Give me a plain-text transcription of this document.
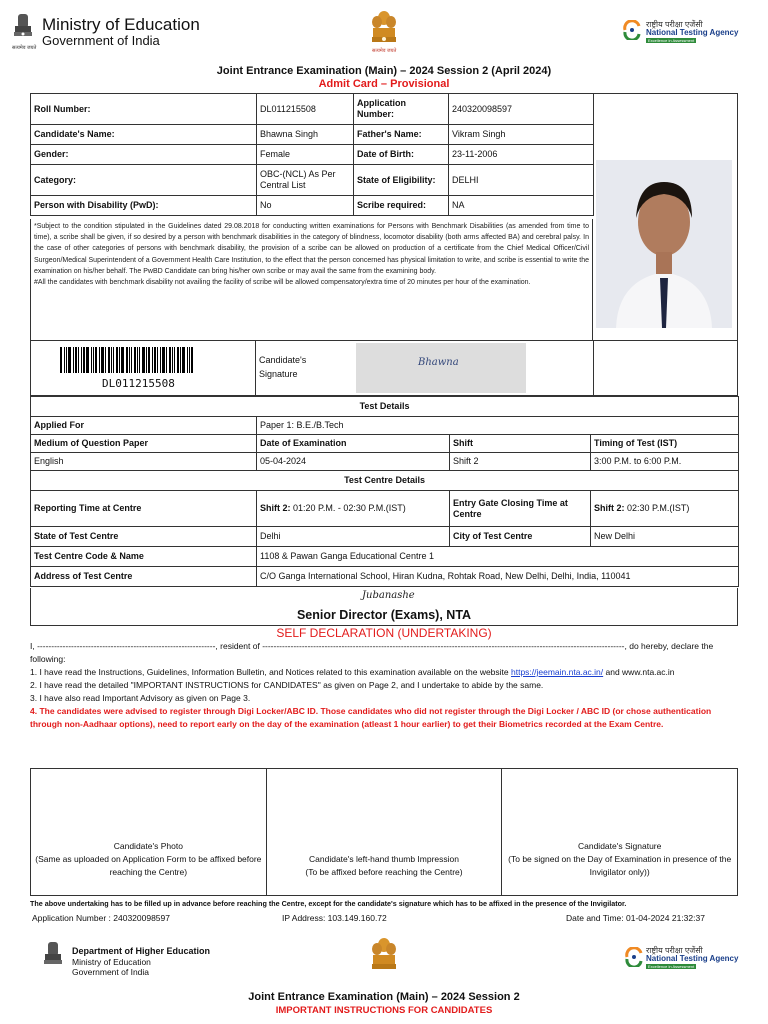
सत्यमेव जयते
Ministry of Education
Government of India
सत्यमेव जयते
राष्ट्रीय परीक्षा एजेंसी
National Testing Agency
Excellence in Assessment
Joint Entrance Examination (Main) – 2024 Session 2 (April 2024)
Admit Card – Provisional
Roll Number:	DL011215508	Application Number:	240320098597
Candidate's Name:	Bhawna Singh	Father's Name:	Vikram Singh
Gender:	Female	Date of Birth:	23-11-2006
Category:	OBC-(NCL) As Per Central List	State of Eligibility:	DELHI
Person with Disability (PwD):	No	Scribe required:	NA

*Subject to the condition stipulated in the Guidelines dated 29.08.2018 for conducting written examinations for Persons with Benchmark Disabilities (as amended from time to time), a scribe shall be given, if so desired by a person with benchmark disabilities in the category of blindness, locomotor disability (both arms affected BA) and cerebral palsy. In the case of other categories of persons with benchmark disability, the provision of a scribe can be allowed on production of a certificate from the Chief Medical Officer/Civil Surgeon/Medical Superintendent of a Government Health Care Institution, to the effect that the person concerned has physical limitation to write, and scribe is essential to write the examination on his/her behalf. The PwBD Candidate can bring his/her own scribe or may avail the same from the examining body.

#All the candidates with benchmark disability not availing the facility of scribe will be allowed compensatory/extra time of 20 minutes per hour of the examination.

DL011215508
Candidate's Signature
Bhawna
Test Details			
Applied For	Paper 1: B.E./B.Tech		
Medium of Question Paper	Date of Examination	Shift	Timing of Test (IST)
English	05-04-2024	Shift 2	3:00 P.M. to 6:00 P.M.
Test Centre Details			
Reporting Time at Centre	Shift 2: 01:20 P.M. - 02:30 P.M.(IST)	Entry Gate Closing Time at Centre	Shift 2: 02:30 P.M.(IST)
State of Test Centre	Delhi	City of Test Centre	New Delhi
Test Centre Code & Name	1108 & Pawan Ganga Educational Centre 1		
Address of Test Centre	C/O Ganga International School, Hiran Kudna, Rohtak Road, New Delhi, Delhi, India, 110041		
Jubanashe
Senior Director (Exams), NTA
SELF DECLARATION (UNDERTAKING)

I, ---------------------------------------------------------------, resident of --------------------------------------------------------------------------------------------------------------------------------, do hereby, declare the following:

1. I have read the Instructions, Guidelines, Information Bulletin, and Notices related to this examination available on the website https://jeemain.nta.ac.in/ and www.nta.ac.in

2. I have read the detailed "IMPORTANT INSTRUCTIONS for CANDIDATES" as given on Page 2, and I undertake to abide by the same.

3. I have also read Important Advisory as given on Page 3.

4. The candidates were advised to register through Digi Locker/ABC ID. Those candidates who did not register through the Digi Locker / ABC ID (or chose authentication through non-Aadhaar options), need to report early on the day of the examination (atleast 1 hour earlier) to get their Biometrics recorded at the Exam Centre.

Candidate's Photo
(Same as uploaded on Application Form to be affixed before reaching the Centre)
Candidate's left-hand thumb Impression
(To be affixed before reaching the Centre)
Candidate's Signature
(To be signed on the Day of Examination in presence of the Invigilator only))
The above undertaking has to be filled up in advance before reaching the Centre, except for the candidate's signature which has to be affixed in the presence of the Invigilator.
Application Number : 240320098597	IP Address: 103.149.160.72	Date and Time: 01-04-2024 21:32:37
Department of Higher Education
Ministry of Education
Government of India
राष्ट्रीय परीक्षा एजेंसी
National Testing Agency
Excellence in Assessment
Joint Entrance Examination (Main) – 2024 Session 2
IMPORTANT INSTRUCTIONS FOR CANDIDATES
